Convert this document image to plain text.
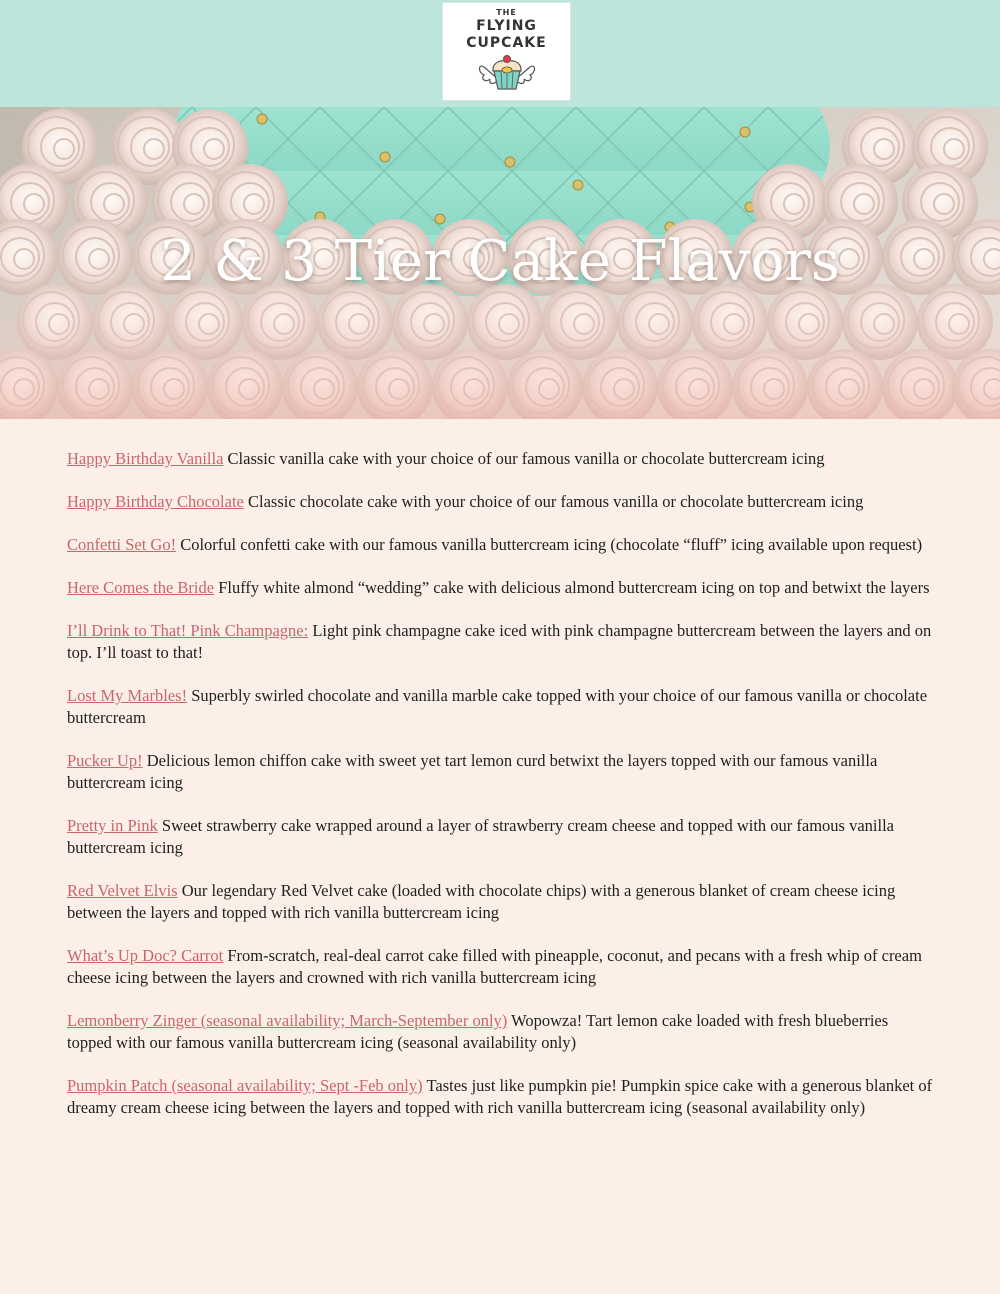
THE
FLYING
CUPCAKE
2 & 3 Tier Cake Flavors

Happy Birthday Vanilla Classic vanilla cake with your choice of our famous vanilla or chocolate buttercream icing

Happy Birthday Chocolate Classic chocolate cake with your choice of our famous vanilla or chocolate buttercream icing

Confetti Set Go! Colorful confetti cake with our famous vanilla buttercream icing (chocolate “fluff” icing available upon request)

Here Comes the Bride Fluffy white almond “wedding” cake with delicious almond buttercream icing on top and betwixt the layers

I’ll Drink to That! Pink Champagne: Light pink champagne cake iced with pink champagne buttercream between the layers and on top. I’ll toast to that!

Lost My Marbles! Superbly swirled chocolate and vanilla marble cake topped with your choice of our famous vanilla or chocolate buttercream

Pucker Up! Delicious lemon chiffon cake with sweet yet tart lemon curd betwixt the layers topped with our famous vanilla buttercream icing

Pretty in Pink Sweet strawberry cake wrapped around a layer of strawberry cream cheese and topped with our famous vanilla buttercream icing

Red Velvet Elvis Our legendary Red Velvet cake (loaded with chocolate chips) with a generous blanket of cream cheese icing between the layers and topped with rich vanilla buttercream icing

What’s Up Doc? Carrot From-scratch, real-deal carrot cake filled with pineapple, coconut, and pecans with a fresh whip of cream cheese icing between the layers and crowned with rich vanilla buttercream icing

Lemonberry Zinger (seasonal availability; March-September only) Wopowza! Tart lemon cake loaded with fresh blueberries topped with our famous vanilla buttercream icing (seasonal availability only)

Pumpkin Patch (seasonal availability; Sept -Feb only) Tastes just like pumpkin pie! Pumpkin spice cake with a generous blanket of dreamy cream cheese icing between the layers and topped with rich vanilla buttercream icing (seasonal availability only)
